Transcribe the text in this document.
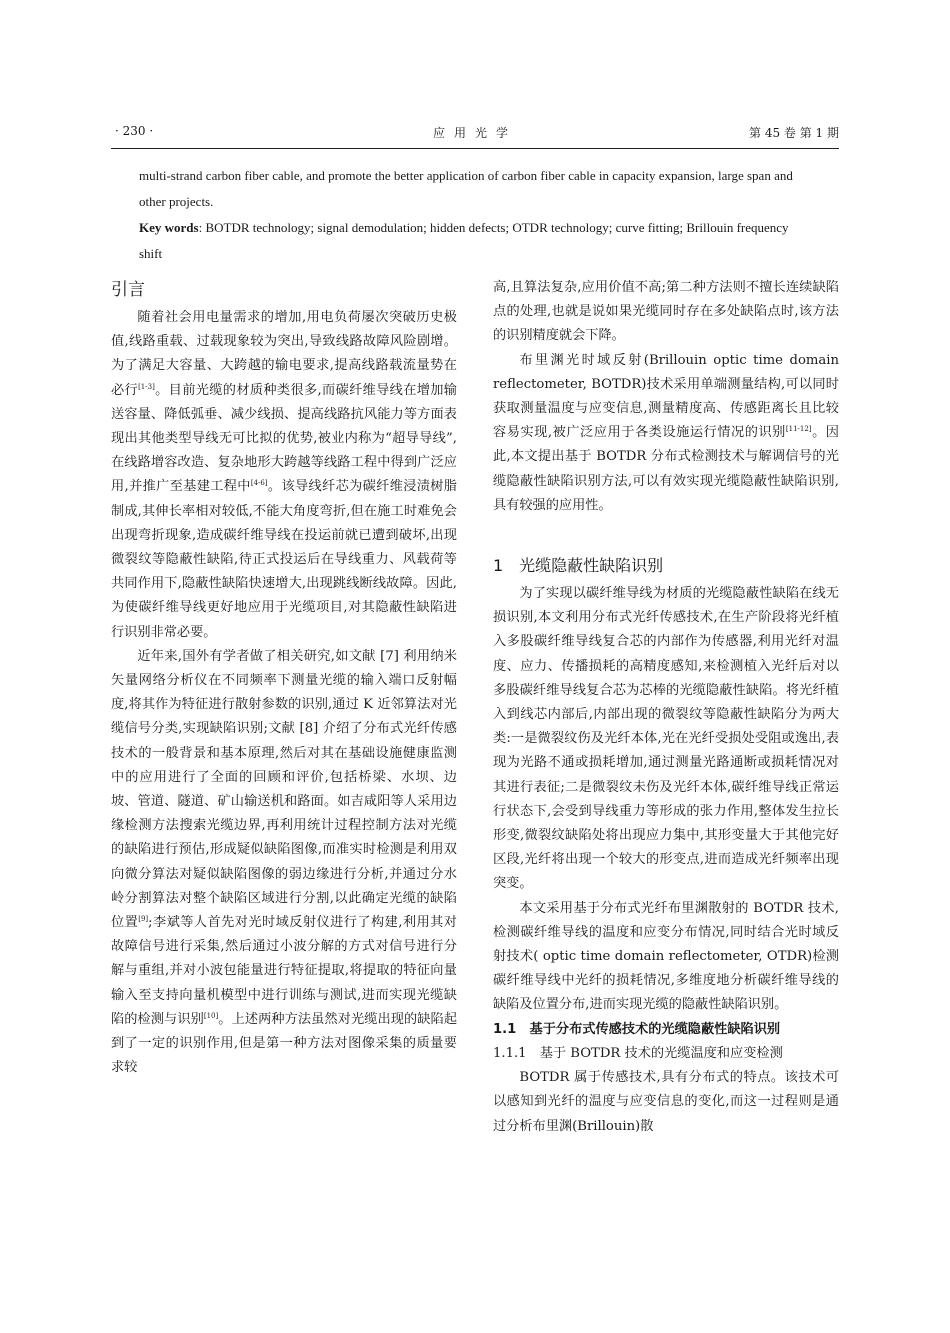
· 230 ·	应用光学	第 45 卷 第 1 期

multi-strand carbon fiber cable, and promote the better application of carbon fiber cable in capacity expansion, large span and other projects.

Key words: BOTDR technology; signal demodulation; hidden defects; OTDR technology; curve fitting; Brillouin frequency shift

引言

随着社会用电量需求的增加,用电负荷屡次突破历史极值,线路重载、过载现象较为突出,导致线路故障风险剧增。为了满足大容量、大跨越的输电要求,提高线路载流量势在必行[1-3]。目前光缆的材质种类很多,而碳纤维导线在增加输送容量、降低弧垂、减少线损、提高线路抗风能力等方面表现出其他类型导线无可比拟的优势,被业内称为“超导导线”,在线路增容改造、复杂地形大跨越等线路工程中得到广泛应用,并推广至基建工程中[4-6]。该导线纤芯为碳纤维浸渍树脂制成,其伸长率相对较低,不能大角度弯折,但在施工时难免会出现弯折现象,造成碳纤维导线在投运前就已遭到破坏,出现微裂纹等隐蔽性缺陷,待正式投运后在导线重力、风载荷等共同作用下,隐蔽性缺陷快速增大,出现跳线断线故障。因此,为使碳纤维导线更好地应用于光缆项目,对其隐蔽性缺陷进行识别非常必要。

近年来,国外有学者做了相关研究,如文献 [7] 利用纳米矢量网络分析仪在不同频率下测量光缆的输入端口反射幅度,将其作为特征进行散射参数的识别,通过 K 近邻算法对光缆信号分类,实现缺陷识别;文献 [8] 介绍了分布式光纤传感技术的一般背景和基本原理,然后对其在基础设施健康监测中的应用进行了全面的回顾和评价,包括桥梁、水坝、边坡、管道、隧道、矿山输送机和路面。如吉咸阳等人采用边缘检测方法搜索光缆边界,再利用统计过程控制方法对光缆的缺陷进行预估,形成疑似缺陷图像,而准实时检测是利用双向微分算法对疑似缺陷图像的弱边缘进行分析,并通过分水岭分割算法对整个缺陷区域进行分割,以此确定光缆的缺陷位置[9];李斌等人首先对光时域反射仪进行了构建,利用其对故障信号进行采集,然后通过小波分解的方式对信号进行分解与重组,并对小波包能量进行特征提取,将提取的特征向量输入至支持向量机模型中进行训练与测试,进而实现光缆缺陷的检测与识别[10]。上述两种方法虽然对光缆出现的缺陷起到了一定的识别作用,但是第一种方法对图像采集的质量要求较

高,且算法复杂,应用价值不高;第二种方法则不擅长连续缺陷点的处理,也就是说如果光缆同时存在多处缺陷点时,该方法的识别精度就会下降。

布里渊光时域反射(Brillouin optic time domain reflectometer, BOTDR)技术采用单端测量结构,可以同时获取测量温度与应变信息,测量精度高、传感距离长且比较容易实现,被广泛应用于各类设施运行情况的识别[11-12]。因此,本文提出基于 BOTDR 分布式检测技术与解调信号的光缆隐蔽性缺陷识别方法,可以有效实现光缆隐蔽性缺陷识别,具有较强的应用性。

1　光缆隐蔽性缺陷识别

为了实现以碳纤维导线为材质的光缆隐蔽性缺陷在线无损识别,本文利用分布式光纤传感技术,在生产阶段将光纤植入多股碳纤维导线复合芯的内部作为传感器,利用光纤对温度、应力、传播损耗的高精度感知,来检测植入光纤后对以多股碳纤维导线复合芯为芯棒的光缆隐蔽性缺陷。将光纤植入到线芯内部后,内部出现的微裂纹等隐蔽性缺陷分为两大类:一是微裂纹伤及光纤本体,光在光纤受损处受阻或逸出,表现为光路不通或损耗增加,通过测量光路通断或损耗情况对其进行表征;二是微裂纹未伤及光纤本体,碳纤维导线正常运行状态下,会受到导线重力等形成的张力作用,整体发生拉长形变,微裂纹缺陷处将出现应力集中,其形变量大于其他完好区段,光纤将出现一个较大的形变点,进而造成光纤频率出现突变。

本文采用基于分布式光纤布里渊散射的 BOTDR 技术,检测碳纤维导线的温度和应变分布情况,同时结合光时域反射技术( optic time domain reflectometer, OTDR)检测碳纤维导线中光纤的损耗情况,多维度地分析碳纤维导线的缺陷及位置分布,进而实现光缆的隐蔽性缺陷识别。

1.1　基于分布式传感技术的光缆隐蔽性缺陷识别
1.1.1　基于 BOTDR 技术的光缆温度和应变检测

BOTDR 属于传感技术,具有分布式的特点。该技术可以感知到光纤的温度与应变信息的变化,而这一过程则是通过分析布里渊(Brillouin)散
